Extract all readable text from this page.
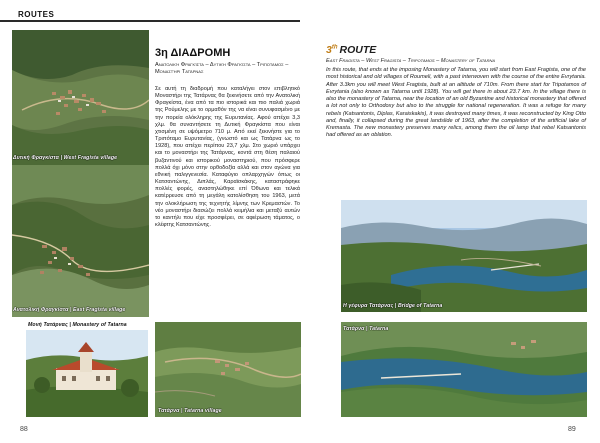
ROUTES
Δυτική Φραγκίστα | West Fragista village
Ανατολική Φραγκίστα | East Fragista village
Μονή Τατάρνας | Monastery of Tatarna
Τατάρνα | Tatarna village
3η ΔΙΑΔΡΟΜΗ
Ανατολική Φραγκίστα – Δυτική Φραγκίστα – Τριποταμος – Μοναστήρι Τατάρνας
Σε αυτή τη διαδρομή που καταλήγει στον επιβλητικό Μοναστήρι της Τατάρνας θα ξεκινήσετε από την Ανατολική Φραγκίστα, ένα από τα πιο ιστορικά και πιο παλιά χωριά της Ρούμελης με το ορμαθόν της να είναι συνυφασμένο με την πορεία ολόκληρης της Ευρυτανίας. Αφού απέχει 3,3 χλμ. θα συναντήσετε τη Δυτική Φραγκίστα που είναι χτισμένη σε υψόμετρο 710 μ. Από εκεί ξεκινήστε για το Τριπόταμο Ευρυτανίας, (γνωστό και ως Τατάρνα ως το 1928), που απέχει περίπου 23,7 χλμ. Στο χωριό υπάρχει και το μοναστήρι της Τατάρνας, κοντά στη θέση παλαιού βυζαντινού και ιστορικού μοναστηριού, που πρόσφερε πολλά όχι μόνο στην ορθοδοξία αλλά και στον αγώνα για εθνική παλιγγενεσία. Καταφύγιο οπλαρχηγών όπως οι Κατσαντώνης, Διπλάς, Καραϊσκάκης, καταστράφηκε πολλές φορές, αναστηλώθηκε επί Όθωνα και τελικά κατέρρευσε από τη μεγάλη κατολίσθηση του 1963, μετά την ολοκλήρωση της τεχνητής λίμνης των Κρεμαστών. Το νέο μοναστήρι διασώζει πολλά κειμήλια και μεταξύ αυτών το καντήλι που είχε προσφέρει, σε αφιέρωση τάματος, ο κλέφτης Κατσαντώνης.
3th ROUTE
East Fragista – West Fragista – Tripotamos – Monastery of Tatarna
In this route, that ends at the imposing Monastery of Tatarna, you will start from East Fragista, one of the most historical and old villages of Roumeli, with a past interwoven with the course of the entire Evrytania. After 3.3km you will meet West Fragista, built at an altitude of 710m. From there start for Tripotamos of Evrytania (also known as Tatarna until 1928). You will get there in about 23.7 km. In the village there is also the monastery of Tatarna, near the location of an old Byzantine and historical monastery that offered a lot not only to Orthodoxy but also to the struggle for national regeneration. It was a refuge for many rebels (Katsantonis, Diplas, Karaiskakis), it was destroyed many times, it was reconstructed by King Otto and, finally, it collapsed during the great landslide of 1963, after the completion of the artificial lake of Kremasta. The new monastery preserves many relics, among them the oil lamp that rebel Katsantonis had offered as an oblation.
Η γέφυρα Τατάρνας | Bridge of Tatarna
Τατάρνα | Tatarna
88	89
